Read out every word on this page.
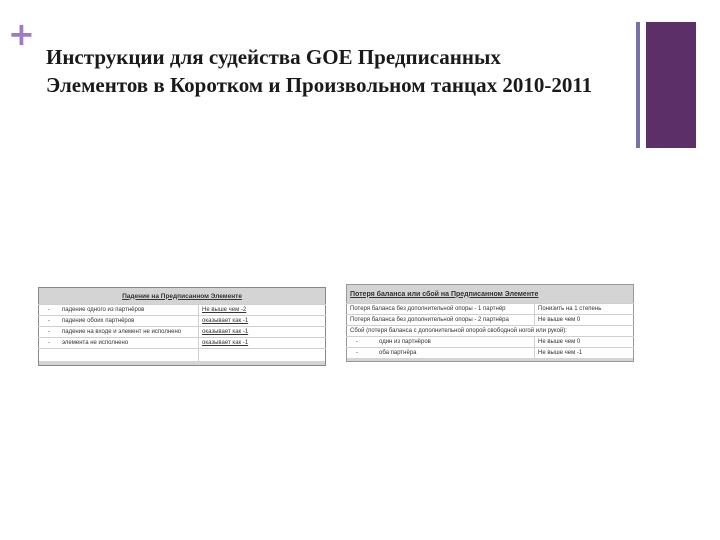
+
Инструкции для судейства GOE Предписанных
Элементов в Коротком и Произвольном танцах 2010-2011
Падение на Предписанном Элементе		
-	падение одного из партнёров	Не выше чем -2
-	падение обоих партнёров	оказывает как -1
-	падение на входе и элемент не исполнено	оказывает как -1
-	элемента не исполнено	оказывает как -1

Потеря баланса или сбой на Предписанном Элементе		
Потеря баланса без дополнительной опоры - 1 партнёр		Понизить на 1 степень
Потеря баланса без дополнительной опоры - 2 партнёра		Не выше чем 0
Сбой (потеря баланса с дополнительной опорой свободной ногой или рукой):		
-	один из партнёров	Не выше чем 0
-	оба партнёра	Не выше чем -1
